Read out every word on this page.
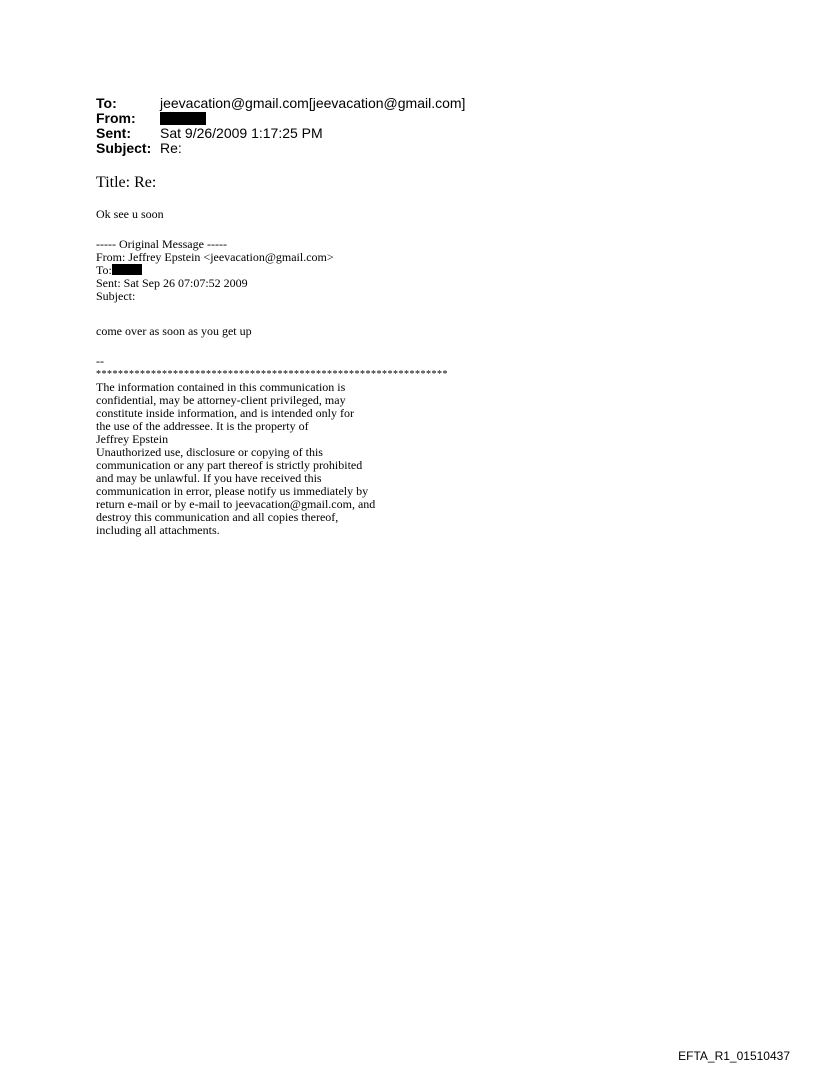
To:	jeevacation@gmail.com[jeevacation@gmail.com]
From:
Sent:	Sat 9/26/2009 1:17:25 PM
Subject: Re:
Title: Re:
Ok see u soon
----- Original Message -----
From: Jeffrey Epstein <jeevacation@gmail.com>
To:
Sent: Sat Sep 26 07:07:52 2009
Subject:
come over as soon as you get up
--
****************************************************************
The information contained in this communication is
confidential, may be attorney-client privileged, may
constitute inside information, and is intended only for
the use of the addressee. It is the property of
Jeffrey Epstein
Unauthorized use, disclosure or copying of this
communication or any part thereof is strictly prohibited
and may be unlawful. If you have received this
communication in error, please notify us immediately by
return e-mail or by e-mail to jeevacation@gmail.com, and
destroy this communication and all copies thereof,
including all attachments.
EFTA_R1_01510437
